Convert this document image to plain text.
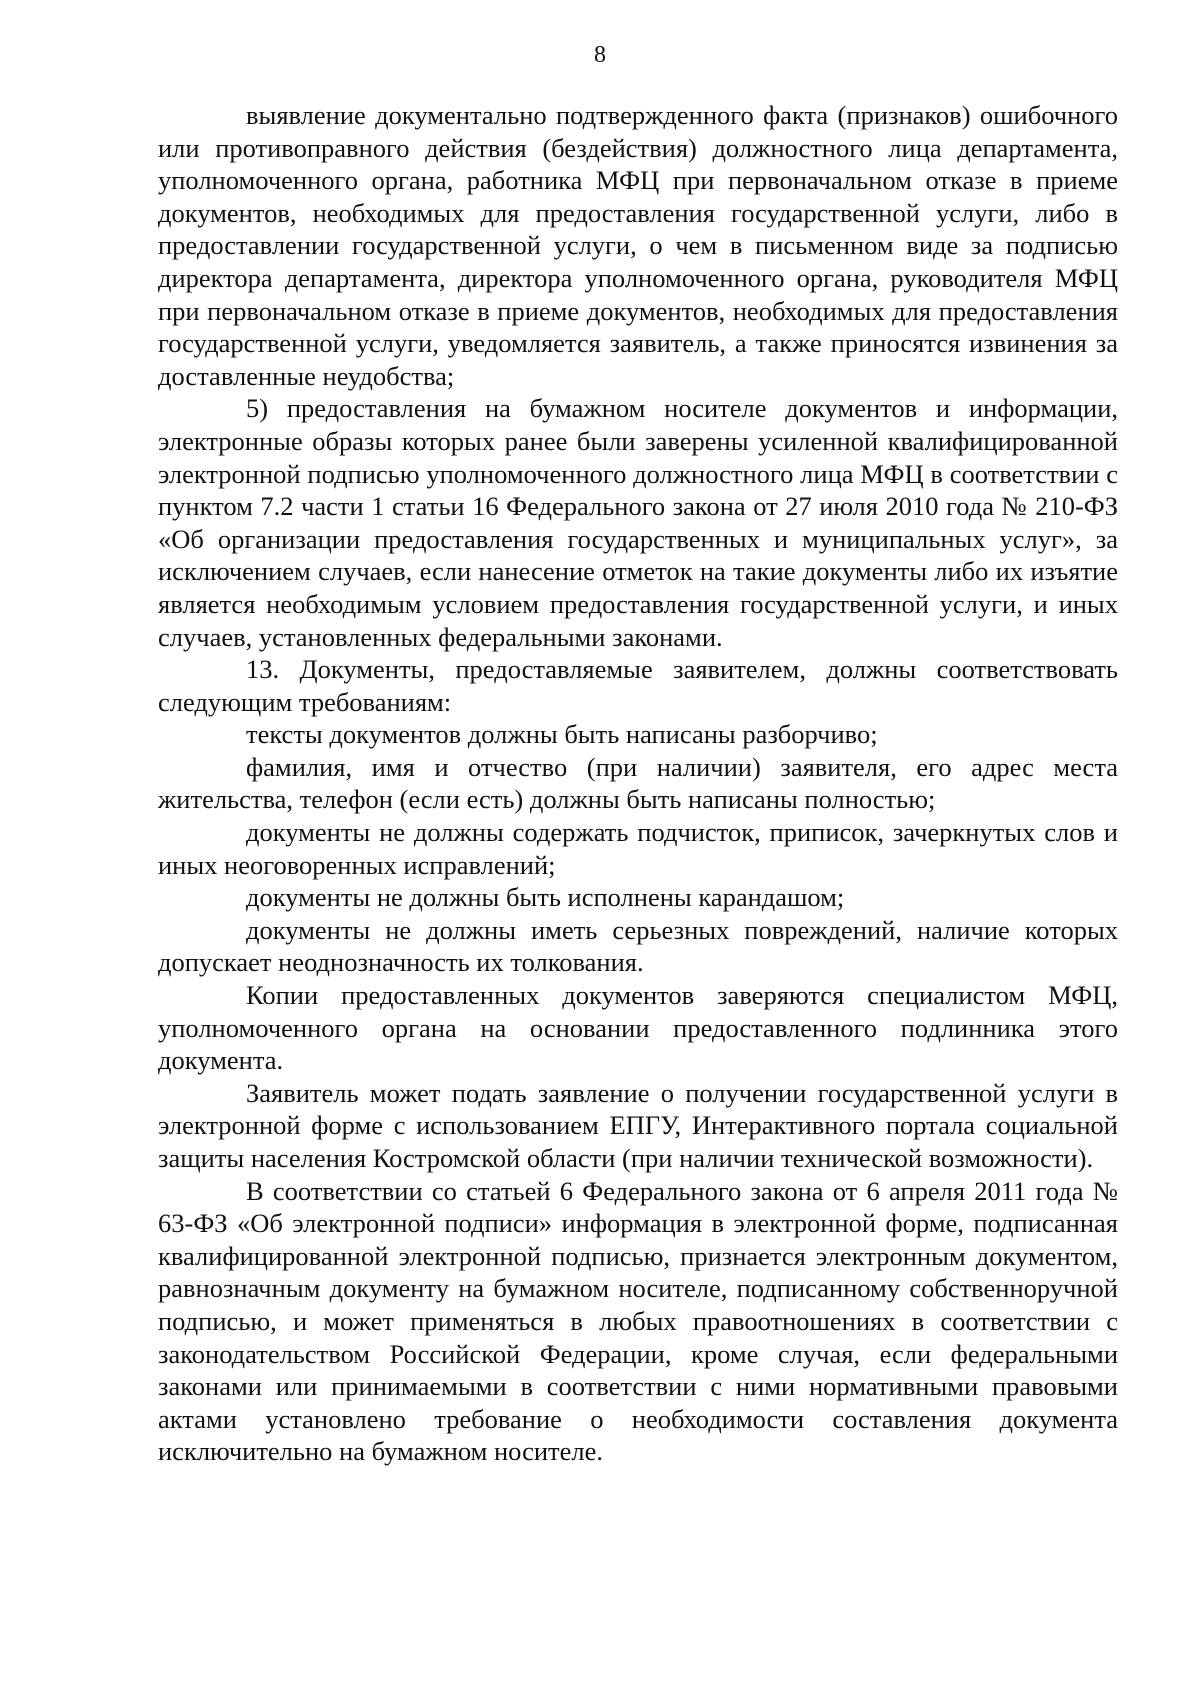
8

выявление документально подтвержденного факта (признаков) ошибочного или противоправного действия (бездействия) должностного лица департамента, уполномоченного органа, работника МФЦ при первоначальном отказе в приеме документов, необходимых для предоставления государственной услуги, либо в предоставлении государственной услуги, о чем в письменном виде за подписью директора департамента, директора уполномоченного органа, руководителя МФЦ при первоначальном отказе в приеме документов, необходимых для предоставления государственной услуги, уведомляется заявитель, а также приносятся извинения за доставленные неудобства;

5) предоставления на бумажном носителе документов и информации, электронные образы которых ранее были заверены усиленной квалифицированной электронной подписью уполномоченного должностного лица МФЦ в соответствии с пунктом 7.2 части 1 статьи 16 Федерального закона от 27 июля 2010 года № 210-ФЗ «Об организации предоставления государственных и муниципальных услуг», за исключением случаев, если нанесение отметок на такие документы либо их изъятие является необходимым условием предоставления государственной услуги, и иных случаев, установленных федеральными законами.

13. Документы, предоставляемые заявителем, должны соответствовать следующим требованиям:

тексты документов должны быть написаны разборчиво;

фамилия, имя и отчество (при наличии) заявителя, его адрес места жительства, телефон (если есть) должны быть написаны полностью;

документы не должны содержать подчисток, приписок, зачеркнутых слов и иных неоговоренных исправлений;

документы не должны быть исполнены карандашом;

документы не должны иметь серьезных повреждений, наличие которых допускает неоднозначность их толкования.

Копии предоставленных документов заверяются специалистом МФЦ, уполномоченного органа на основании предоставленного подлинника этого документа.

Заявитель может подать заявление о получении государственной услуги в электронной форме с использованием ЕПГУ, Интерактивного портала социальной защиты населения Костромской области (при наличии технической возможности).

В соответствии со статьей 6 Федерального закона от 6 апреля 2011 года № 63-ФЗ «Об электронной подписи» информация в электронной форме, подписанная квалифицированной электронной подписью, признается электронным документом, равнозначным документу на бумажном носителе, подписанному собственноручной подписью, и может применяться в любых правоотношениях в соответствии с законодательством Российской Федерации, кроме случая, если федеральными законами или принимаемыми в соответствии с ними нормативными правовыми актами установлено требование о необходимости составления документа исключительно на бумажном носителе.
